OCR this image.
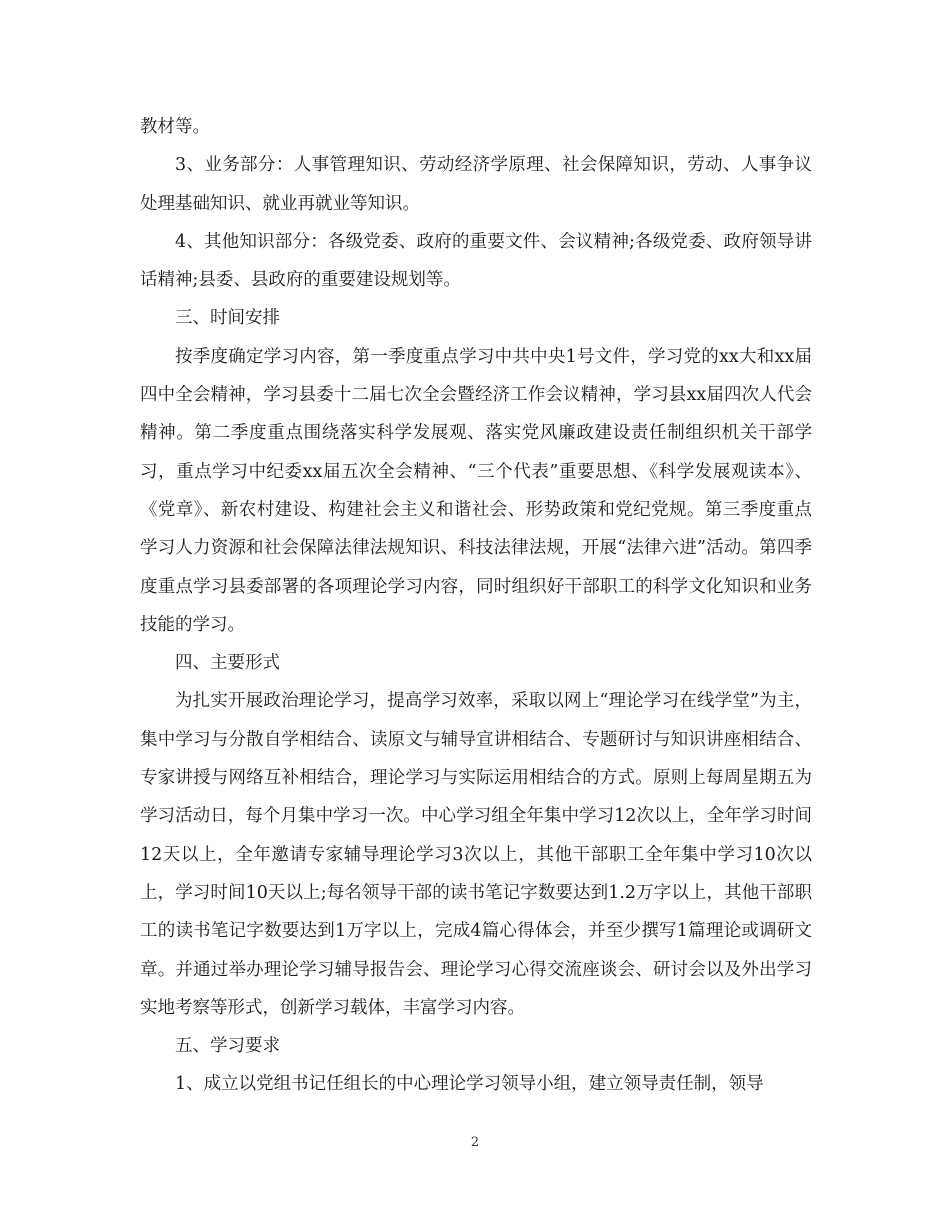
教材等。

3、业务部分：人事管理知识、劳动经济学原理、社会保障知识，劳动、人事争议处理基础知识、就业再就业等知识。

4、其他知识部分：各级党委、政府的重要文件、会议精神;各级党委、政府领导讲话精神;县委、县政府的重要建设规划等。

三、时间安排

按季度确定学习内容，第一季度重点学习中共中央1号文件，学习党的xx大和xx届四中全会精神，学习县委十二届七次全会暨经济工作会议精神，学习县xx届四次人代会精神。第二季度重点围绕落实科学发展观、落实党风廉政建设责任制组织机关干部学习，重点学习中纪委xx届五次全会精神、“三个代表”重要思想、《科学发展观读本》、《党章》、新农村建设、构建社会主义和谐社会、形势政策和党纪党规。第三季度重点学习人力资源和社会保障法律法规知识、科技法律法规，开展“法律六进”活动。第四季度重点学习县委部署的各项理论学习内容，同时组织好干部职工的科学文化知识和业务技能的学习。

四、主要形式

为扎实开展政治理论学习，提高学习效率，采取以网上“理论学习在线学堂”为主，集中学习与分散自学相结合、读原文与辅导宣讲相结合、专题研讨与知识讲座相结合、专家讲授与网络互补相结合，理论学习与实际运用相结合的方式。原则上每周星期五为学习活动日，每个月集中学习一次。中心学习组全年集中学习12次以上，全年学习时间12天以上，全年邀请专家辅导理论学习3次以上，其他干部职工全年集中学习10次以上，学习时间10天以上;每名领导干部的读书笔记字数要达到1.2万字以上，其他干部职工的读书笔记字数要达到1万字以上，完成4篇心得体会，并至少撰写1篇理论或调研文章。并通过举办理论学习辅导报告会、理论学习心得交流座谈会、研讨会以及外出学习实地考察等形式，创新学习载体，丰富学习内容。

五、学习要求

1、成立以党组书记任组长的中心理论学习领导小组，建立领导责任制，领导

2
